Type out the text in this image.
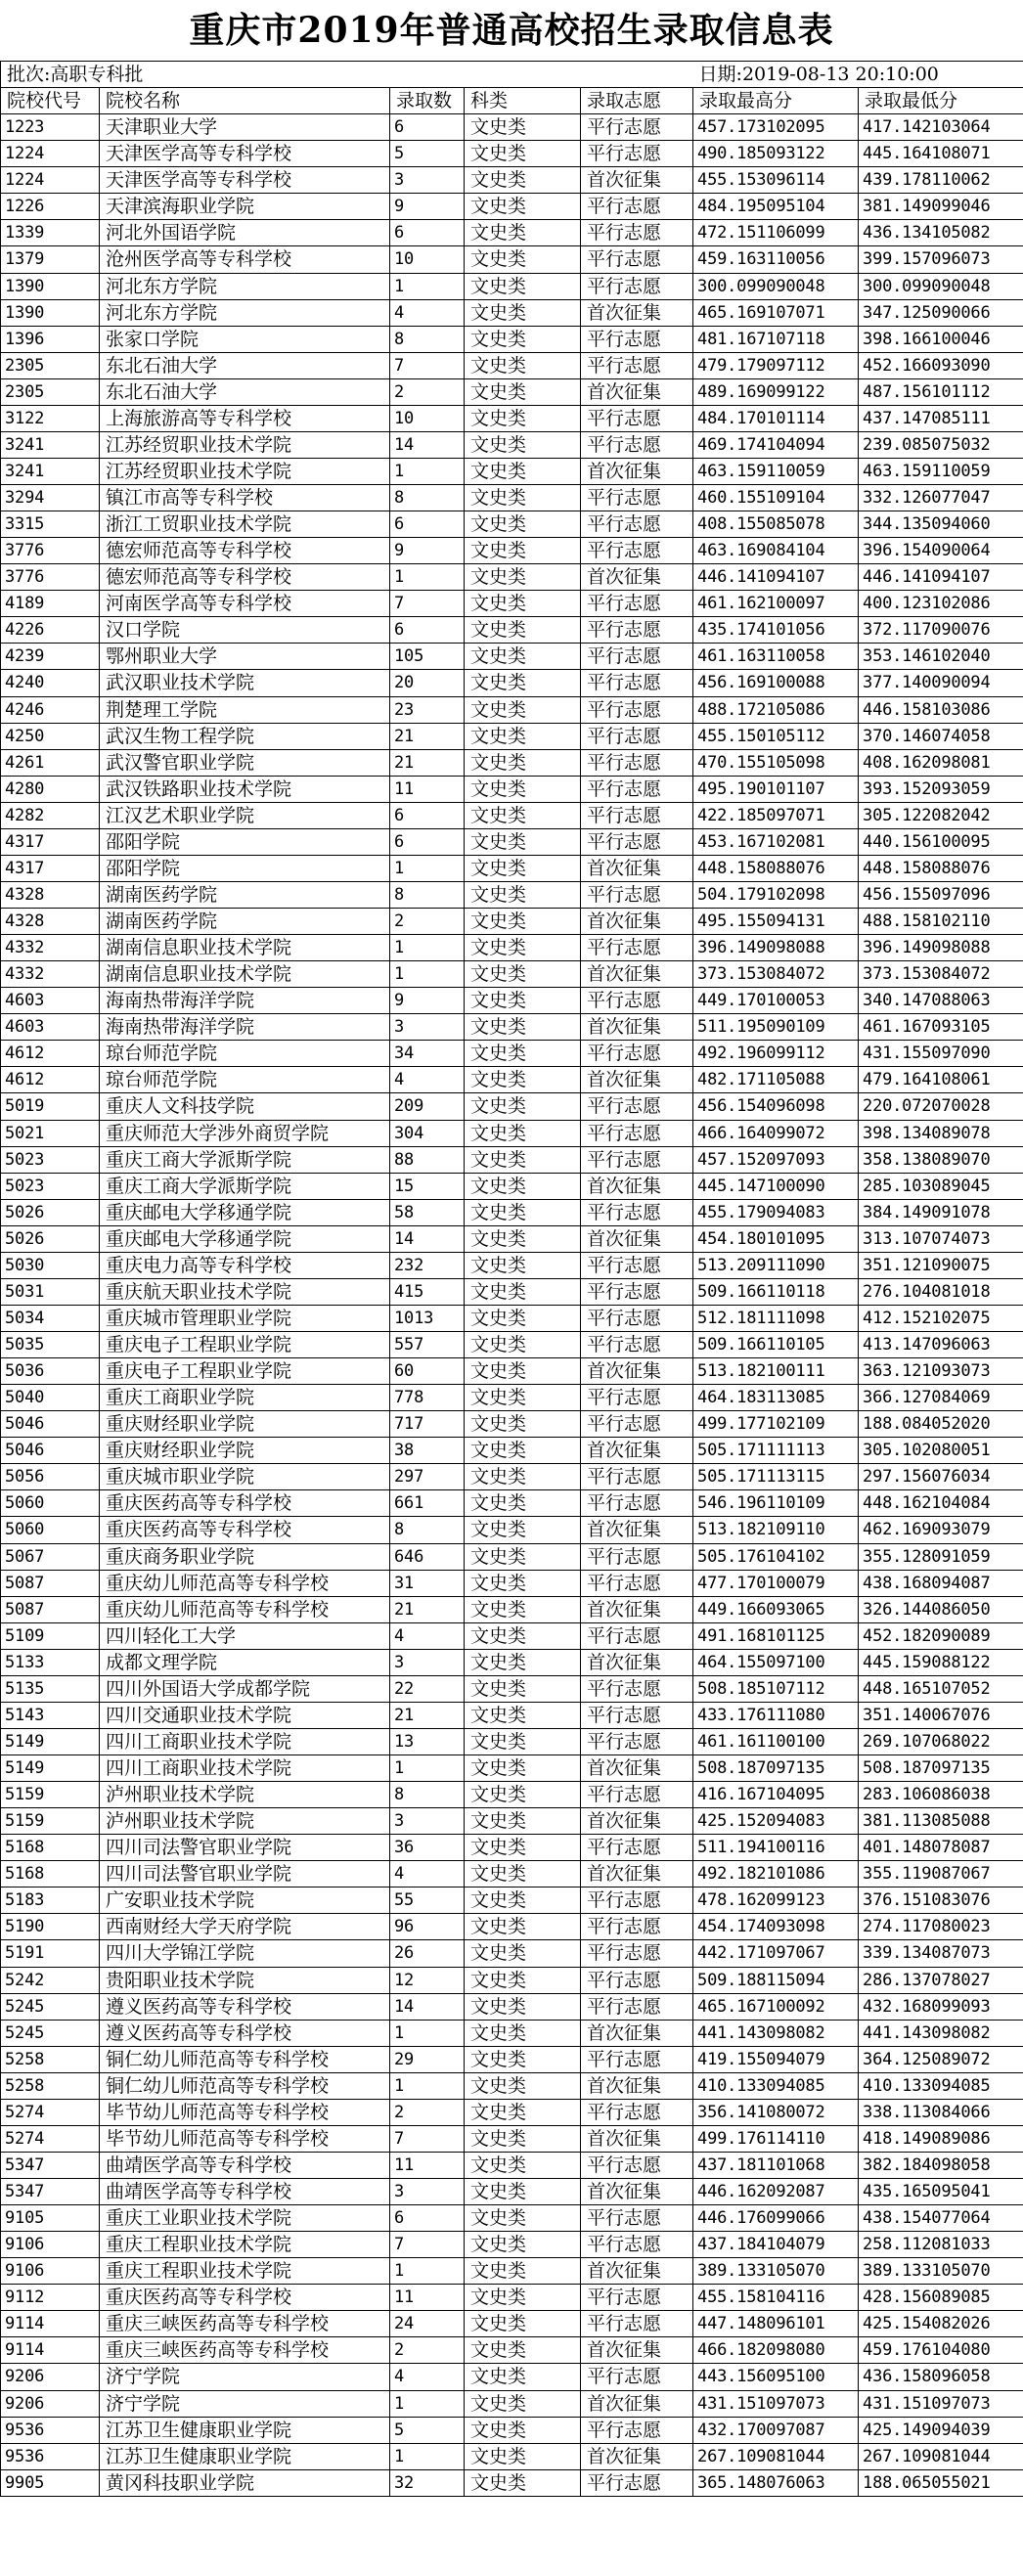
重庆市2019年普通高校招生录取信息表
批次:高职专科批					日期:2019-08-13 20:10:00	
院校代号	院校名称	录取数	科类	录取志愿	录取最高分	录取最低分
1223	天津职业大学	6	文史类	平行志愿	457.173102095	417.142103064
1224	天津医学高等专科学校	5	文史类	平行志愿	490.185093122	445.164108071
1224	天津医学高等专科学校	3	文史类	首次征集	455.153096114	439.178110062
1226	天津滨海职业学院	9	文史类	平行志愿	484.195095104	381.149099046
1339	河北外国语学院	6	文史类	平行志愿	472.151106099	436.134105082
1379	沧州医学高等专科学校	10	文史类	平行志愿	459.163110056	399.157096073
1390	河北东方学院	1	文史类	平行志愿	300.099090048	300.099090048
1390	河北东方学院	4	文史类	首次征集	465.169107071	347.125090066
1396	张家口学院	8	文史类	平行志愿	481.167107118	398.166100046
2305	东北石油大学	7	文史类	平行志愿	479.179097112	452.166093090
2305	东北石油大学	2	文史类	首次征集	489.169099122	487.156101112
3122	上海旅游高等专科学校	10	文史类	平行志愿	484.170101114	437.147085111
3241	江苏经贸职业技术学院	14	文史类	平行志愿	469.174104094	239.085075032
3241	江苏经贸职业技术学院	1	文史类	首次征集	463.159110059	463.159110059
3294	镇江市高等专科学校	8	文史类	平行志愿	460.155109104	332.126077047
3315	浙江工贸职业技术学院	6	文史类	平行志愿	408.155085078	344.135094060
3776	德宏师范高等专科学校	9	文史类	平行志愿	463.169084104	396.154090064
3776	德宏师范高等专科学校	1	文史类	首次征集	446.141094107	446.141094107
4189	河南医学高等专科学校	7	文史类	平行志愿	461.162100097	400.123102086
4226	汉口学院	6	文史类	平行志愿	435.174101056	372.117090076
4239	鄂州职业大学	105	文史类	平行志愿	461.163110058	353.146102040
4240	武汉职业技术学院	20	文史类	平行志愿	456.169100088	377.140090094
4246	荆楚理工学院	23	文史类	平行志愿	488.172105086	446.158103086
4250	武汉生物工程学院	21	文史类	平行志愿	455.150105112	370.146074058
4261	武汉警官职业学院	21	文史类	平行志愿	470.155105098	408.162098081
4280	武汉铁路职业技术学院	11	文史类	平行志愿	495.190101107	393.152093059
4282	江汉艺术职业学院	6	文史类	平行志愿	422.185097071	305.122082042
4317	邵阳学院	6	文史类	平行志愿	453.167102081	440.156100095
4317	邵阳学院	1	文史类	首次征集	448.158088076	448.158088076
4328	湖南医药学院	8	文史类	平行志愿	504.179102098	456.155097096
4328	湖南医药学院	2	文史类	首次征集	495.155094131	488.158102110
4332	湖南信息职业技术学院	1	文史类	平行志愿	396.149098088	396.149098088
4332	湖南信息职业技术学院	1	文史类	首次征集	373.153084072	373.153084072
4603	海南热带海洋学院	9	文史类	平行志愿	449.170100053	340.147088063
4603	海南热带海洋学院	3	文史类	首次征集	511.195090109	461.167093105
4612	琼台师范学院	34	文史类	平行志愿	492.196099112	431.155097090
4612	琼台师范学院	4	文史类	首次征集	482.171105088	479.164108061
5019	重庆人文科技学院	209	文史类	平行志愿	456.154096098	220.072070028
5021	重庆师范大学涉外商贸学院	304	文史类	平行志愿	466.164099072	398.134089078
5023	重庆工商大学派斯学院	88	文史类	平行志愿	457.152097093	358.138089070
5023	重庆工商大学派斯学院	15	文史类	首次征集	445.147100090	285.103089045
5026	重庆邮电大学移通学院	58	文史类	平行志愿	455.179094083	384.149091078
5026	重庆邮电大学移通学院	14	文史类	首次征集	454.180101095	313.107074073
5030	重庆电力高等专科学校	232	文史类	平行志愿	513.209111090	351.121090075
5031	重庆航天职业技术学院	415	文史类	平行志愿	509.166110118	276.104081018
5034	重庆城市管理职业学院	1013	文史类	平行志愿	512.181111098	412.152102075
5035	重庆电子工程职业学院	557	文史类	平行志愿	509.166110105	413.147096063
5036	重庆电子工程职业学院	60	文史类	首次征集	513.182100111	363.121093073
5040	重庆工商职业学院	778	文史类	平行志愿	464.183113085	366.127084069
5046	重庆财经职业学院	717	文史类	平行志愿	499.177102109	188.084052020
5046	重庆财经职业学院	38	文史类	首次征集	505.171111113	305.102080051
5056	重庆城市职业学院	297	文史类	平行志愿	505.171113115	297.156076034
5060	重庆医药高等专科学校	661	文史类	平行志愿	546.196110109	448.162104084
5060	重庆医药高等专科学校	8	文史类	首次征集	513.182109110	462.169093079
5067	重庆商务职业学院	646	文史类	平行志愿	505.176104102	355.128091059
5087	重庆幼儿师范高等专科学校	31	文史类	平行志愿	477.170100079	438.168094087
5087	重庆幼儿师范高等专科学校	21	文史类	首次征集	449.166093065	326.144086050
5109	四川轻化工大学	4	文史类	平行志愿	491.168101125	452.182090089
5133	成都文理学院	3	文史类	首次征集	464.155097100	445.159088122
5135	四川外国语大学成都学院	22	文史类	平行志愿	508.185107112	448.165107052
5143	四川交通职业技术学院	21	文史类	平行志愿	433.176111080	351.140067076
5149	四川工商职业技术学院	13	文史类	平行志愿	461.161100100	269.107068022
5149	四川工商职业技术学院	1	文史类	首次征集	508.187097135	508.187097135
5159	泸州职业技术学院	8	文史类	平行志愿	416.167104095	283.106086038
5159	泸州职业技术学院	3	文史类	首次征集	425.152094083	381.113085088
5168	四川司法警官职业学院	36	文史类	平行志愿	511.194100116	401.148078087
5168	四川司法警官职业学院	4	文史类	首次征集	492.182101086	355.119087067
5183	广安职业技术学院	55	文史类	平行志愿	478.162099123	376.151083076
5190	西南财经大学天府学院	96	文史类	平行志愿	454.174093098	274.117080023
5191	四川大学锦江学院	26	文史类	平行志愿	442.171097067	339.134087073
5242	贵阳职业技术学院	12	文史类	平行志愿	509.188115094	286.137078027
5245	遵义医药高等专科学校	14	文史类	平行志愿	465.167100092	432.168099093
5245	遵义医药高等专科学校	1	文史类	首次征集	441.143098082	441.143098082
5258	铜仁幼儿师范高等专科学校	29	文史类	平行志愿	419.155094079	364.125089072
5258	铜仁幼儿师范高等专科学校	1	文史类	首次征集	410.133094085	410.133094085
5274	毕节幼儿师范高等专科学校	2	文史类	平行志愿	356.141080072	338.113084066
5274	毕节幼儿师范高等专科学校	7	文史类	首次征集	499.176114110	418.149089086
5347	曲靖医学高等专科学校	11	文史类	平行志愿	437.181101068	382.184098058
5347	曲靖医学高等专科学校	3	文史类	首次征集	446.162092087	435.165095041
9105	重庆工业职业技术学院	6	文史类	平行志愿	446.176099066	438.154077064
9106	重庆工程职业技术学院	7	文史类	平行志愿	437.184104079	258.112081033
9106	重庆工程职业技术学院	1	文史类	首次征集	389.133105070	389.133105070
9112	重庆医药高等专科学校	11	文史类	平行志愿	455.158104116	428.156089085
9114	重庆三峡医药高等专科学校	24	文史类	平行志愿	447.148096101	425.154082026
9114	重庆三峡医药高等专科学校	2	文史类	首次征集	466.182098080	459.176104080
9206	济宁学院	4	文史类	平行志愿	443.156095100	436.158096058
9206	济宁学院	1	文史类	首次征集	431.151097073	431.151097073
9536	江苏卫生健康职业学院	5	文史类	平行志愿	432.170097087	425.149094039
9536	江苏卫生健康职业学院	1	文史类	首次征集	267.109081044	267.109081044
9905	黄冈科技职业学院	32	文史类	平行志愿	365.148076063	188.065055021
